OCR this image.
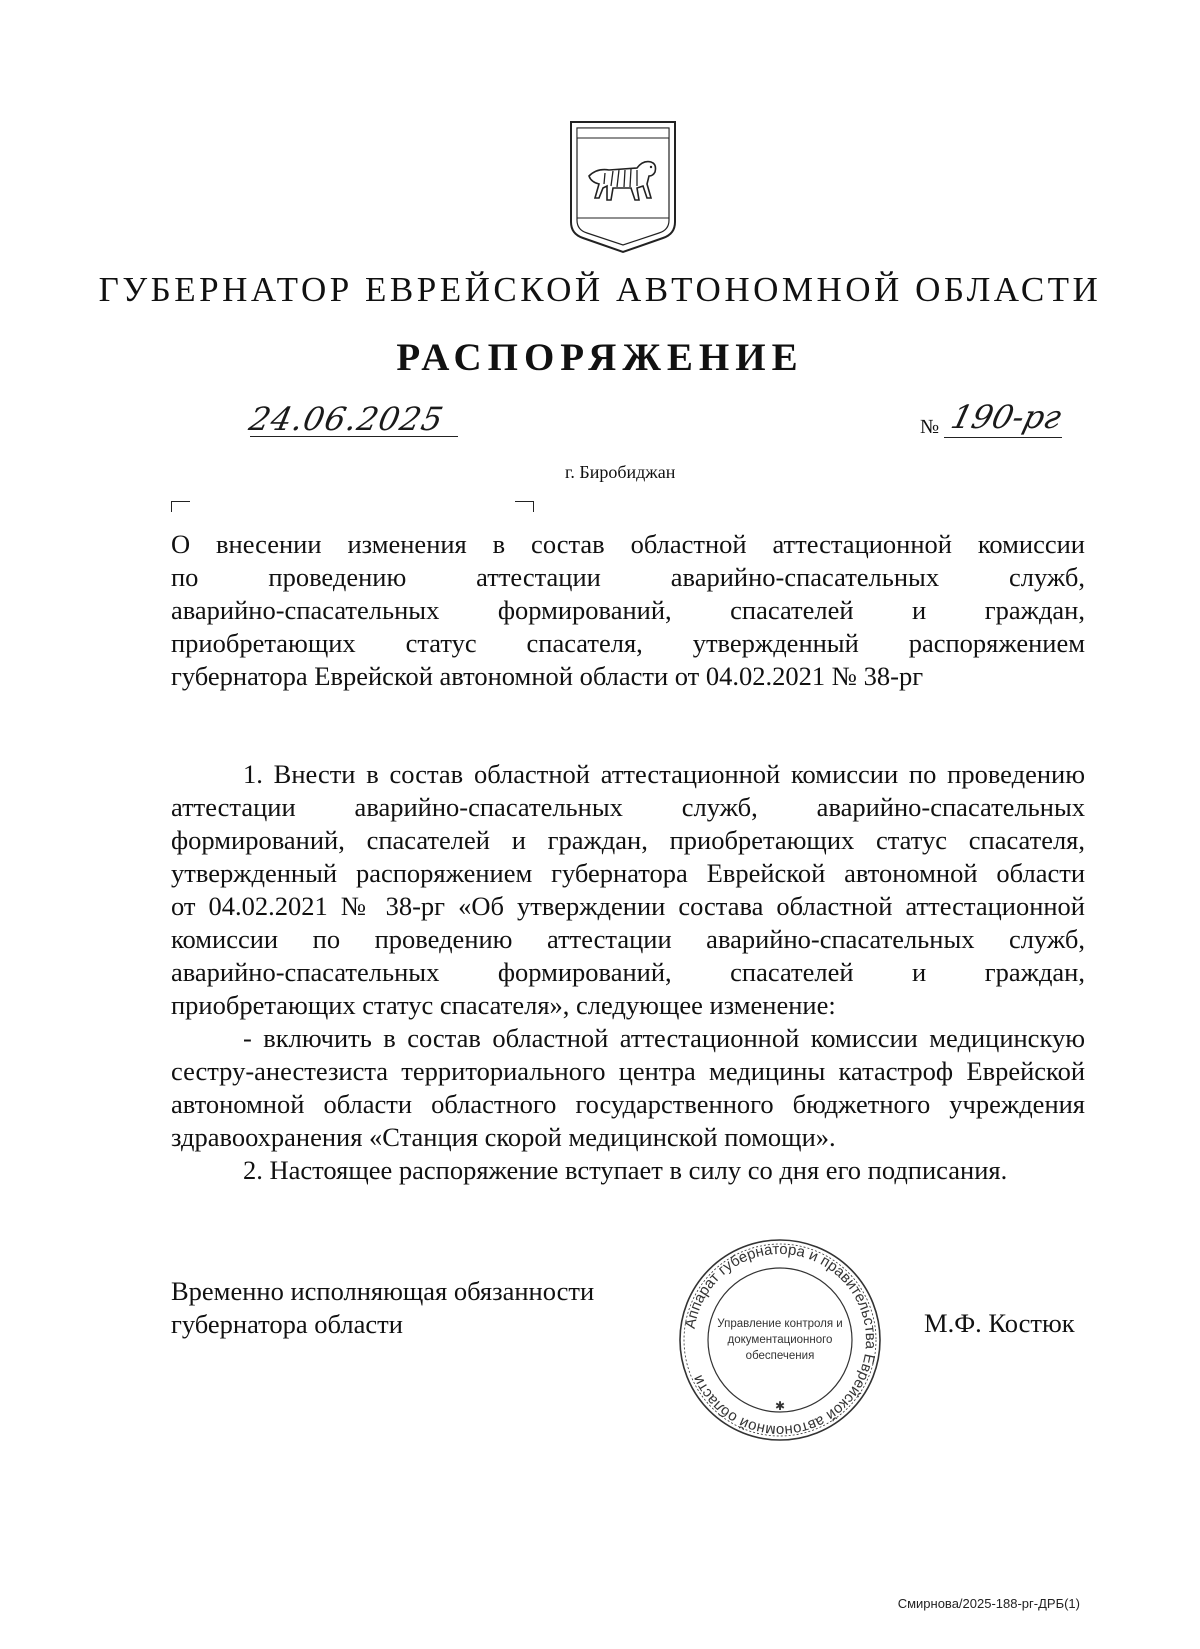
ГУБЕРНАТОР ЕВРЕЙСКОЙ АВТОНОМНОЙ ОБЛАСТИ
РАСПОРЯЖЕНИЕ
24.06.2025	№ 190-рг
г. Биробиджан
О внесении изменения в состав областной аттестационной комиссии
по проведению аттестации аварийно-спасательных служб,
аварийно-спасательных формирований, спасателей и граждан,
приобретающих статус спасателя, утвержденный распоряжением
губернатора Еврейской автономной области от 04.02.2021 № 38-рг
1. Внести в состав областной аттестационной комиссии по проведению
аттестации аварийно-спасательных служб, аварийно-спасательных
формирований, спасателей и граждан, приобретающих статус спасателя,
утвержденный распоряжением губернатора Еврейской автономной области
от 04.02.2021 № 38-рг «Об утверждении состава областной аттестационной
комиссии по проведению аттестации аварийно-спасательных служб,
аварийно-спасательных формирований, спасателей и граждан,
приобретающих статус спасателя», следующее изменение:
- включить в состав областной аттестационной комиссии медицинскую
сестру-анестезиста территориального центра медицины катастроф Еврейской
автономной области областного государственного бюджетного учреждения
здравоохранения «Станция скорой медицинской помощи».
2. Настоящее распоряжение вступает в силу со дня его подписания.
Временно исполняющая обязанности
губернатора области	М.Ф. Костюк
Аппарат губернатора и правительства Еврейской автономной области
Управление контроля и
документационного
обеспечения
✱
Смирнова/2025-188-рг-ДРБ(1)
